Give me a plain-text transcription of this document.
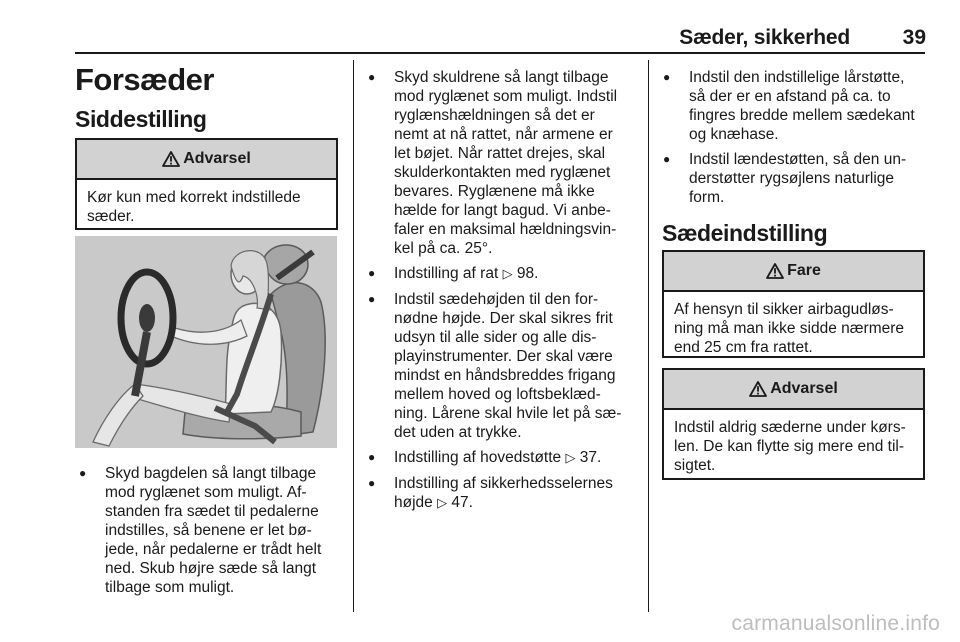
Sæder, sikkerhed	39
Forsæder
Siddestilling
Advarsel
Kør kun med korrekt indstillede
sæder.
● Skyd bagdelen så langt tilbage
mod ryglænet som muligt. Af-
standen fra sædet til pedalerne
indstilles, så benene er let bø-
jede, når pedalerne er trådt helt
ned. Skub højre sæde så langt
tilbage som muligt.
● Skyd skuldrene så langt tilbage
mod ryglænet som muligt. Indstil
ryglænshældningen så det er
nemt at nå rattet, når armene er
let bøjet. Når rattet drejes, skal
skulderkontakten med ryglænet
bevares. Ryglænene må ikke
hælde for langt bagud. Vi anbe-
faler en maksimal hældningsvin-
kel på ca. 25°.
● Indstilling af rat ▷ 98.
● Indstil sædehøjden til den for-
nødne højde. Der skal sikres frit
udsyn til alle sider og alle dis-
playinstrumenter. Der skal være
mindst en håndsbreddes frigang
mellem hoved og loftsbeklæd-
ning. Lårene skal hvile let på sæ-
det uden at trykke.
● Indstilling af hovedstøtte ▷ 37.
● Indstilling af sikkerhedsselernes
højde ▷ 47.
● Indstil den indstillelige lårstøtte,
så der er en afstand på ca. to
fingres bredde mellem sædekant
og knæhase.
● Indstil lændestøtten, så den un-
derstøtter rygsøjlens naturlige
form.
Sædeindstilling
Fare
Af hensyn til sikker airbagudløs-
ning må man ikke sidde nærmere
end 25 cm fra rattet.
Advarsel
Indstil aldrig sæderne under kørs-
len. De kan flytte sig mere end til-
sigtet.
carmanualsonline.info
